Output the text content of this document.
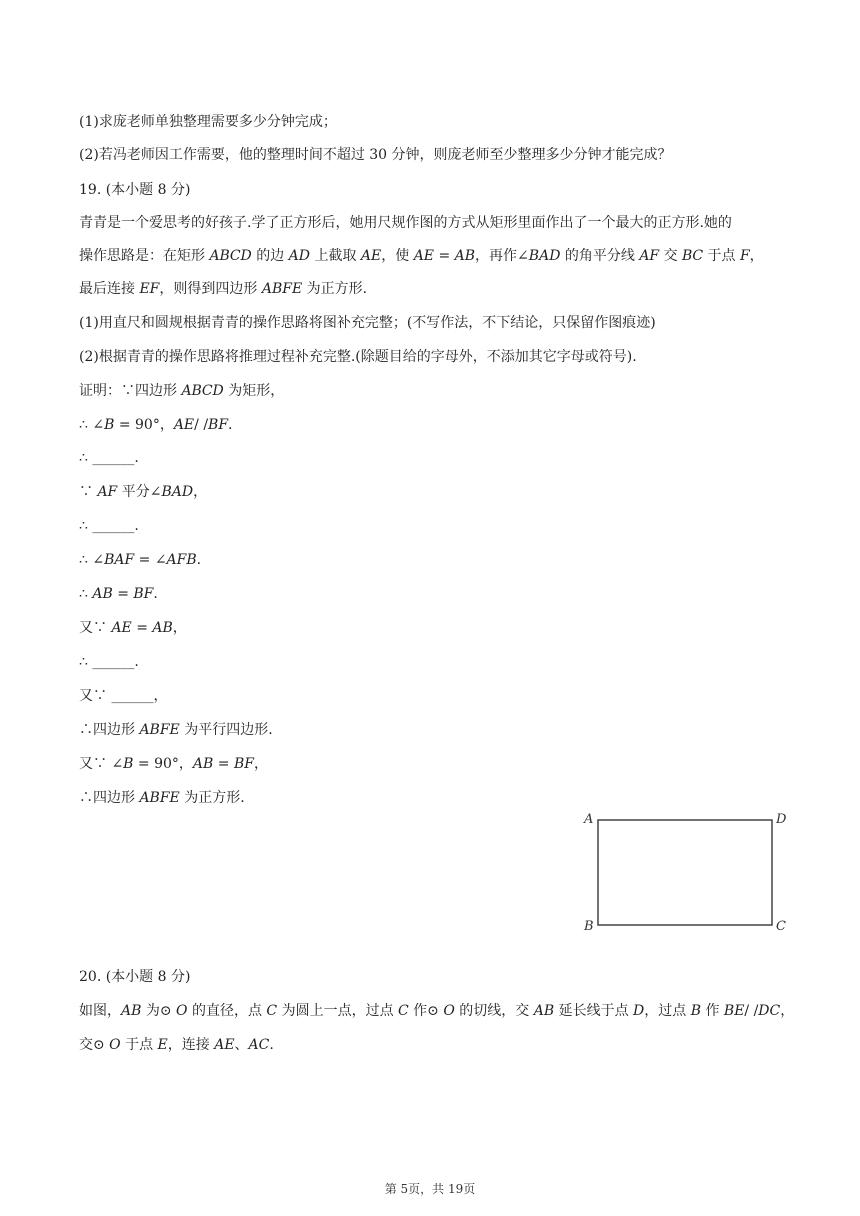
(1)求庞老师单独整理需要多少分钟完成；
(2)若冯老师因工作需要，他的整理时间不超过 30 分钟，则庞老师至少整理多少分钟才能完成？
19. (本小题 8 分)
青青是一个爱思考的好孩子.学了正方形后，她用尺规作图的方式从矩形里面作出了一个最大的正方形.她的
操作思路是：在矩形 𝐴𝐵𝐶𝐷 的边 𝐴𝐷 上截取 𝐴𝐸，使 𝐴𝐸 = 𝐴𝐵，再作∠𝐵𝐴𝐷 的角平分线 𝐴𝐹 交 𝐵𝐶 于点 𝐹，
最后连接 𝐸𝐹，则得到四边形 𝐴𝐵𝐹𝐸 为正方形.
(1)用直尺和圆规根据青青的操作思路将图补充完整；(不写作法，不下结论，只保留作图痕迹)
(2)根据青青的操作思路将推理过程补充完整.(除题目给的字母外，不添加其它字母或符号).
证明：∵四边形 𝐴𝐵𝐶𝐷 为矩形，
∴ ∠𝐵 = 90°，𝐴𝐸/ /𝐵𝐹.
∴ ______.
∵ 𝐴𝐹 平分∠𝐵𝐴𝐷，
∴ ______.
∴ ∠𝐵𝐴𝐹 = ∠𝐴𝐹𝐵.
∴ 𝐴𝐵 = 𝐵𝐹.
又∵ 𝐴𝐸 = 𝐴𝐵，
∴ ______.
又∵ ______，
∴四边形 𝐴𝐵𝐹𝐸 为平行四边形.
又∵ ∠𝐵 = 90°，𝐴𝐵 = 𝐵𝐹，
∴四边形 𝐴𝐵𝐹𝐸 为正方形.
A	D
B	C
20. (本小题 8 分)
如图，𝐴𝐵 为⊙ 𝑂 的直径，点 𝐶 为圆上一点，过点 𝐶 作⊙ 𝑂 的切线，交 𝐴𝐵 延长线于点 𝐷，过点 𝐵 作 𝐵𝐸/ /𝐷𝐶，
交⊙ 𝑂 于点 𝐸，连接 𝐴𝐸、𝐴𝐶.
第 5页，共 19页
